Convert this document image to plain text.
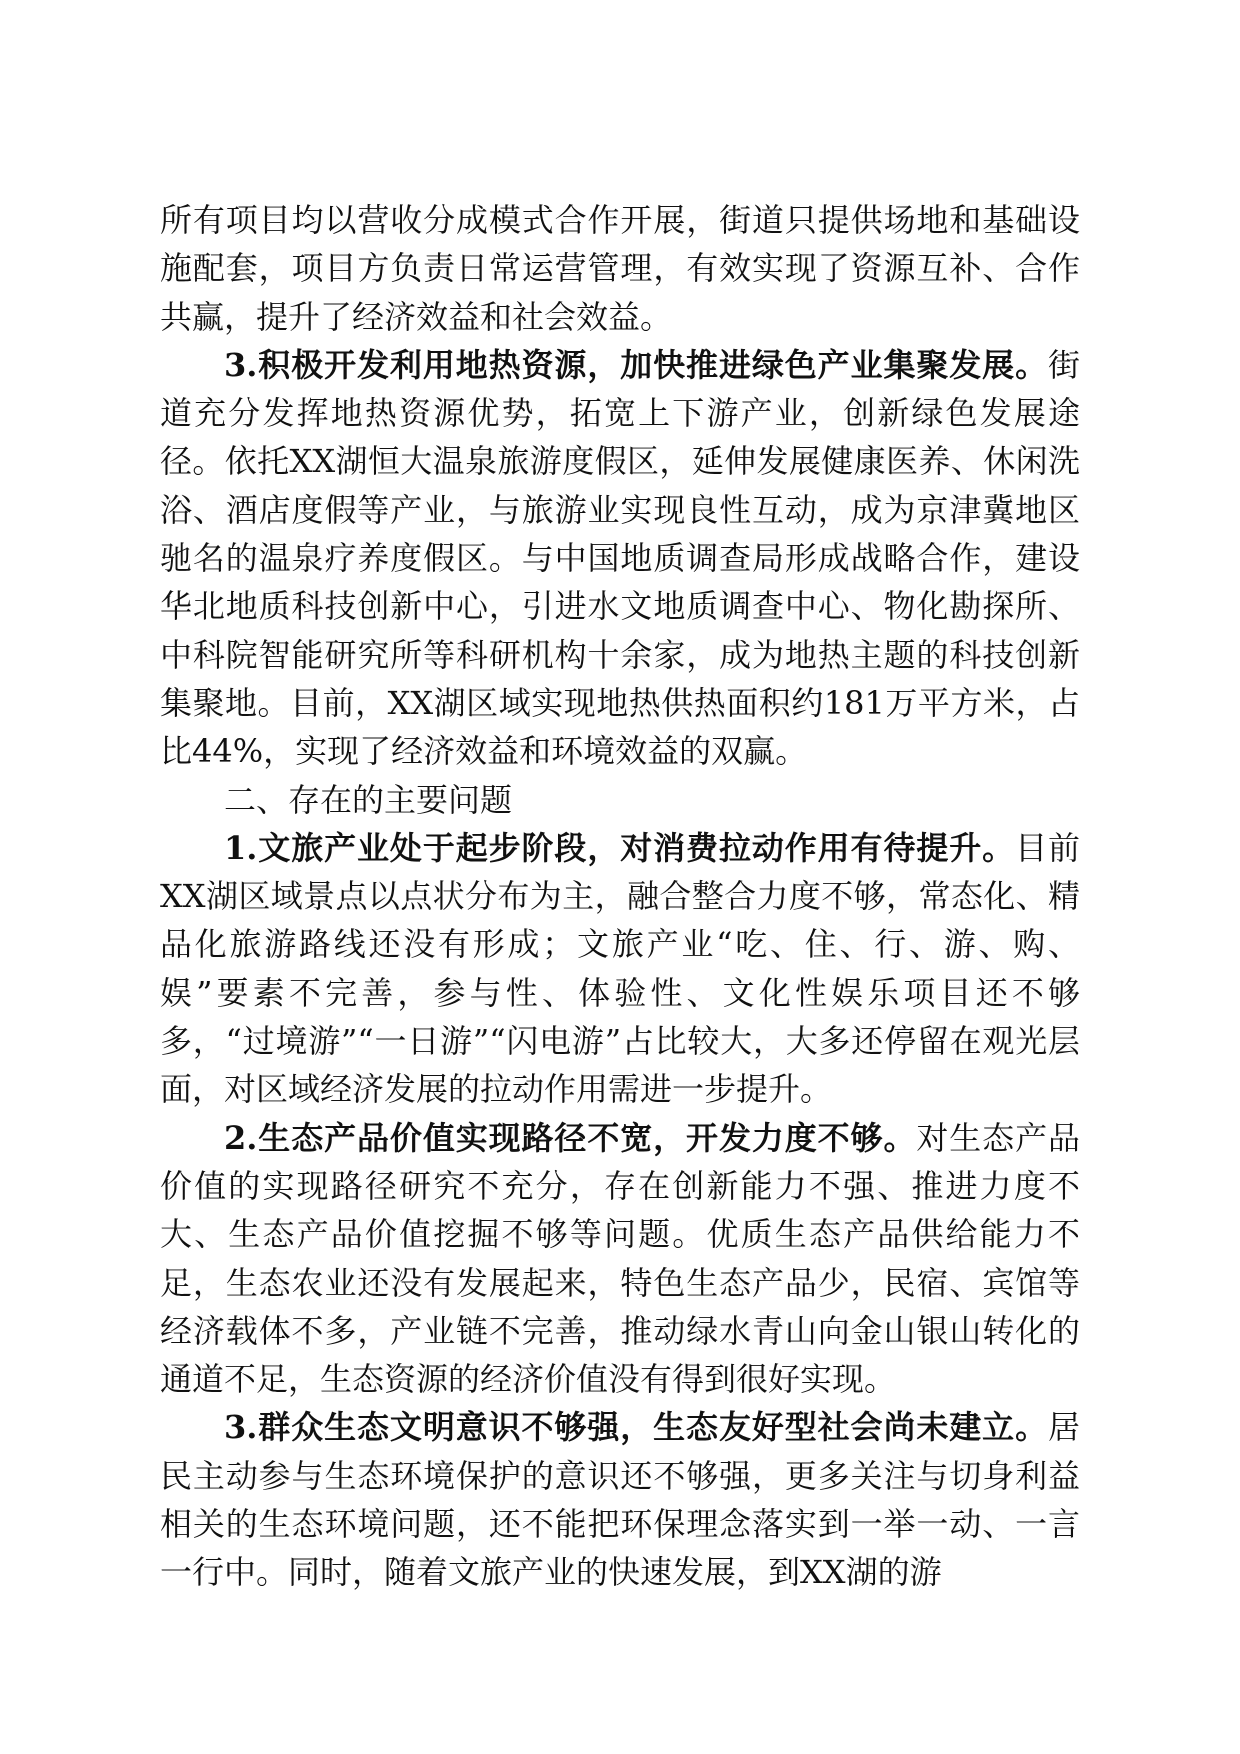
所有项目均以营收分成模式合作开展，街道只提供场地和基础设施配套，项目方负责日常运营管理，有效实现了资源互补、合作共赢，提升了经济效益和社会效益。

3.积极开发利用地热资源，加快推进绿色产业集聚发展。街道充分发挥地热资源优势，拓宽上下游产业，创新绿色发展途径。依托XX湖恒大温泉旅游度假区，延伸发展健康医养、休闲洗浴、酒店度假等产业，与旅游业实现良性互动，成为京津冀地区驰名的温泉疗养度假区。与中国地质调查局形成战略合作，建设华北地质科技创新中心，引进水文地质调查中心、物化勘探所、中科院智能研究所等科研机构十余家，成为地热主题的科技创新集聚地。目前，XX湖区域实现地热供热面积约181万平方米，占比44%，实现了经济效益和环境效益的双赢。

二、存在的主要问题

1.文旅产业处于起步阶段，对消费拉动作用有待提升。目前XX湖区域景点以点状分布为主，融合整合力度不够，常态化、精品化旅游路线还没有形成；文旅产业“吃、住、行、游、购、娱”要素不完善，参与性、体验性、文化性娱乐项目还不够多，“过境游”“一日游”“闪电游”占比较大，大多还停留在观光层面，对区域经济发展的拉动作用需进一步提升。

2.生态产品价值实现路径不宽，开发力度不够。对生态产品价值的实现路径研究不充分，存在创新能力不强、推进力度不大、生态产品价值挖掘不够等问题。优质生态产品供给能力不足，生态农业还没有发展起来，特色生态产品少，民宿、宾馆等经济载体不多，产业链不完善，推动绿水青山向金山银山转化的通道不足，生态资源的经济价值没有得到很好实现。

3.群众生态文明意识不够强，生态友好型社会尚未建立。居民主动参与生态环境保护的意识还不够强，更多关注与切身利益相关的生态环境问题，还不能把环保理念落实到一举一动、一言一行中。同时，随着文旅产业的快速发展，到XX湖的游
